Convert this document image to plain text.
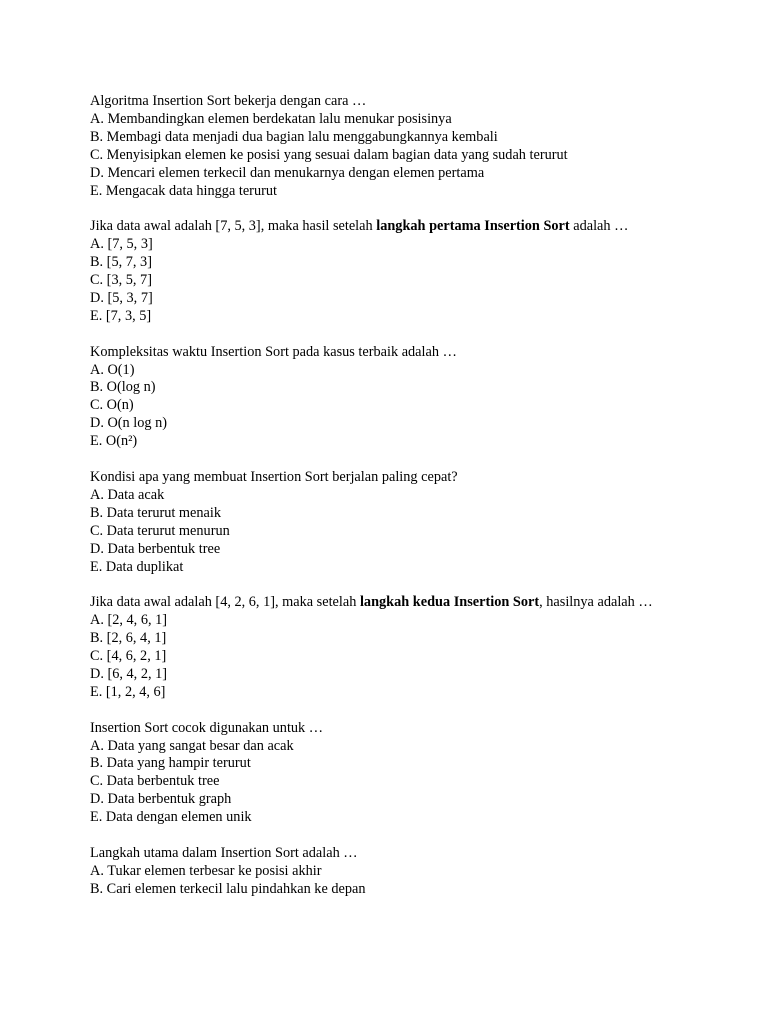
Algoritma Insertion Sort bekerja dengan cara …

A. Membandingkan elemen berdekatan lalu menukar posisinya

B. Membagi data menjadi dua bagian lalu menggabungkannya kembali

C. Menyisipkan elemen ke posisi yang sesuai dalam bagian data yang sudah terurut

D. Mencari elemen terkecil dan menukarnya dengan elemen pertama

E. Mengacak data hingga terurut

Jika data awal adalah [7, 5, 3], maka hasil setelah langkah pertama Insertion Sort adalah …

A. [7, 5, 3]

B. [5, 7, 3]

C. [3, 5, 7]

D. [5, 3, 7]

E. [7, 3, 5]

Kompleksitas waktu Insertion Sort pada kasus terbaik adalah …

A. O(1)

B. O(log n)

C. O(n)

D. O(n log n)

E. O(n²)

Kondisi apa yang membuat Insertion Sort berjalan paling cepat?

A. Data acak

B. Data terurut menaik

C. Data terurut menurun

D. Data berbentuk tree

E. Data duplikat

Jika data awal adalah [4, 2, 6, 1], maka setelah langkah kedua Insertion Sort, hasilnya adalah …

A. [2, 4, 6, 1]

B. [2, 6, 4, 1]

C. [4, 6, 2, 1]

D. [6, 4, 2, 1]

E. [1, 2, 4, 6]

Insertion Sort cocok digunakan untuk …

A. Data yang sangat besar dan acak

B. Data yang hampir terurut

C. Data berbentuk tree

D. Data berbentuk graph

E. Data dengan elemen unik

Langkah utama dalam Insertion Sort adalah …

A. Tukar elemen terbesar ke posisi akhir

B. Cari elemen terkecil lalu pindahkan ke depan
